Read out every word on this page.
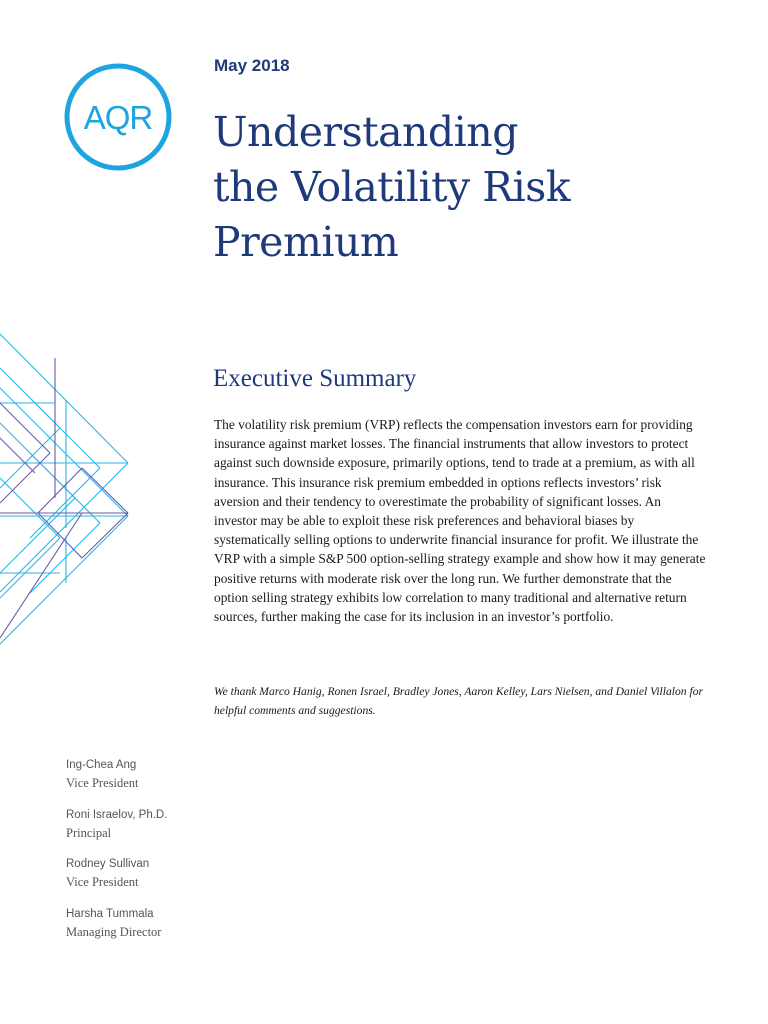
AQR

May 2018

Understanding
the Volatility Risk
Premium
Executive Summary

The volatility risk premium (VRP) reflects the compensation investors earn for providing insurance against market losses. The financial instruments that allow investors to protect against such downside exposure, primarily options, tend to trade at a premium, as with all insurance. This insurance risk premium embedded in options reflects investors’ risk aversion and their tendency to overestimate the probability of significant losses. An investor may be able to exploit these risk preferences and behavioral biases by systematically selling options to underwrite financial insurance for profit. We illustrate the VRP with a simple S&P 500 option-selling strategy example and show how it may generate positive returns with moderate risk over the long run. We further demonstrate that the option selling strategy exhibits low correlation to many traditional and alternative return sources, further making the case for its inclusion in an investor’s portfolio.

We thank Marco Hanig, Ronen Israel, Bradley Jones, Aaron Kelley, Lars Nielsen, and Daniel Villalon for helpful comments and suggestions.

Ing-Chea Ang
Vice President
Roni Israelov, Ph.D.
Principal
Rodney Sullivan
Vice President
Harsha Tummala
Managing Director
